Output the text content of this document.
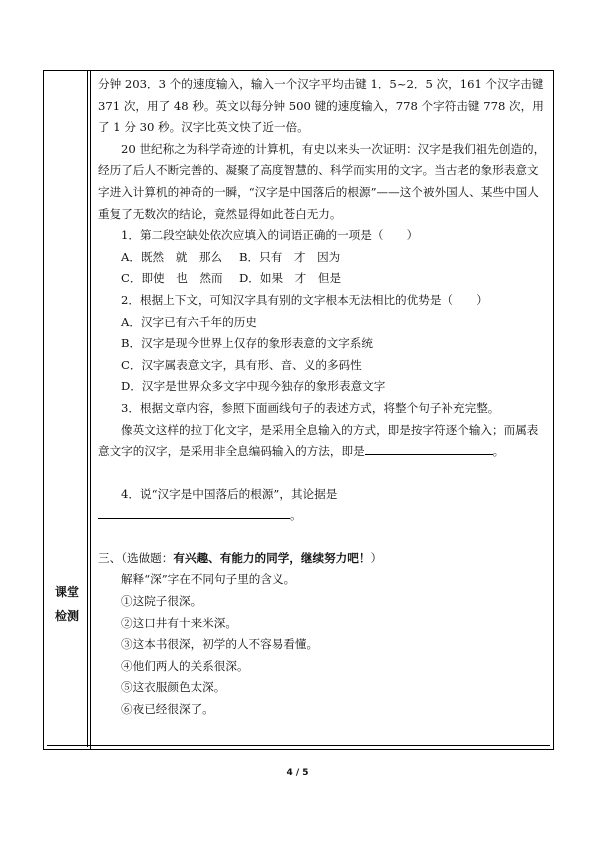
课堂
检测

分钟 203．3 个的速度输入，输入一个汉字平均击键 1．5~2．5 次，161 个汉字击键 371 次，用了 48 秒。英文以每分钟 500 键的速度输入，778 个字符击键 778 次，用了 1 分 30 秒。汉字比英文快了近一倍。

20 世纪称之为科学奇迹的计算机，有史以来头一次证明：汉字是我们祖先创造的，经历了后人不断完善的、凝聚了高度智慧的、科学而实用的文字。当古老的象形表意文字进入计算机的神奇的一瞬，“汉字是中国落后的根源”——这个被外国人、某些中国人重复了无数次的结论，竟然显得如此苍白无力。

1．第二段空缺处依次应填入的词语正确的一项是（　　）

A．既然　就　那么	B．只有　才　因为
C．即使　也　然而	D．如果　才　但是

2．根据上下文，可知汉字具有别的文字根本无法相比的优势是（　　）

A．汉字已有六千年的历史

B．汉字是现今世界上仅存的象形表意的文字系统

C．汉字属表意文字，具有形、音、义的多码性

D．汉字是世界众多文字中现今独存的象形表意文字

3．根据文章内容，参照下面画线句子的表述方式，将整个句子补充完整。

像英文这样的拉丁化文字，是采用全息输入的方式，即是按字符逐个输入；而属表意文字的汉字，是采用非全息编码输入的方法，即是	。

4．说“汉字是中国落后的根源”，其论据是

。

三、（选做题：有兴趣、有能力的同学，继续努力吧！）

解释“深”字在不同句子里的含义。

①这院子很深。

②这口井有十来米深。

③这本书很深，初学的人不容易看懂。

④他们两人的关系很深。

⑤这衣服颜色太深。

⑥夜已经很深了。

4 / 5
